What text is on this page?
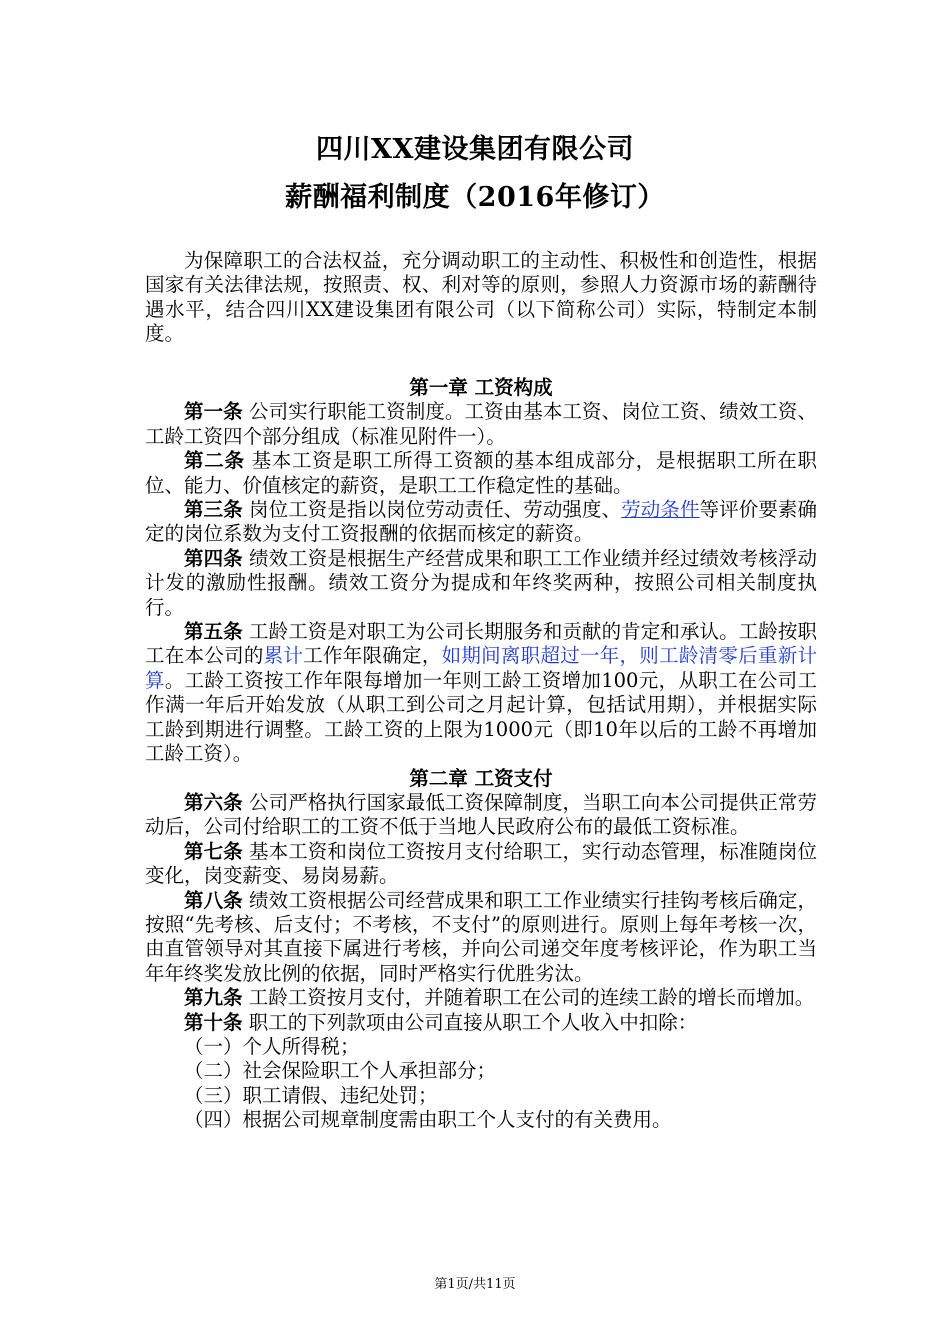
四川XX建设集团有限公司
薪酬福利制度（2016年修订）
为保障职工的合法权益，充分调动职工的主动性、积极性和创造性，根据国家有关法律法规，按照责、权、利对等的原则，参照人力资源市场的薪酬待遇水平，结合四川XX建设集团有限公司（以下简称公司）实际，特制定本制度。

第一章 工资构成

第一条 公司实行职能工资制度。工资由基本工资、岗位工资、绩效工资、工龄工资四个部分组成（标准见附件一）。

第二条 基本工资是职工所得工资额的基本组成部分，是根据职工所在职位、能力、价值核定的薪资，是职工工作稳定性的基础。

第三条 岗位工资是指以岗位劳动责任、劳动强度、劳动条件等评价要素确定的岗位系数为支付工资报酬的依据而核定的薪资。

第四条 绩效工资是根据生产经营成果和职工工作业绩并经过绩效考核浮动计发的激励性报酬。绩效工资分为提成和年终奖两种，按照公司相关制度执行。

第五条 工龄工资是对职工为公司长期服务和贡献的肯定和承认。工龄按职工在本公司的累计工作年限确定，如期间离职超过一年，则工龄清零后重新计算。工龄工资按工作年限每增加一年则工龄工资增加100元，从职工在公司工作满一年后开始发放（从职工到公司之月起计算，包括试用期），并根据实际工龄到期进行调整。工龄工资的上限为1000元（即10年以后的工龄不再增加工龄工资）。

第二章 工资支付

第六条 公司严格执行国家最低工资保障制度，当职工向本公司提供正常劳动后，公司付给职工的工资不低于当地人民政府公布的最低工资标准。

第七条 基本工资和岗位工资按月支付给职工，实行动态管理，标准随岗位变化，岗变薪变、易岗易薪。

第八条 绩效工资根据公司经营成果和职工工作业绩实行挂钩考核后确定，按照“先考核、后支付；不考核，不支付”的原则进行。原则上每年考核一次，由直管领导对其直接下属进行考核，并向公司递交年度考核评论，作为职工当年年终奖发放比例的依据，同时严格实行优胜劣汰。

第九条 工龄工资按月支付，并随着职工在公司的连续工龄的增长而增加。

第十条 职工的下列款项由公司直接从职工个人收入中扣除：

（一）个人所得税；

（二）社会保险职工个人承担部分；

（三）职工请假、违纪处罚；

（四）根据公司规章制度需由职工个人支付的有关费用。

第1页/共11页
